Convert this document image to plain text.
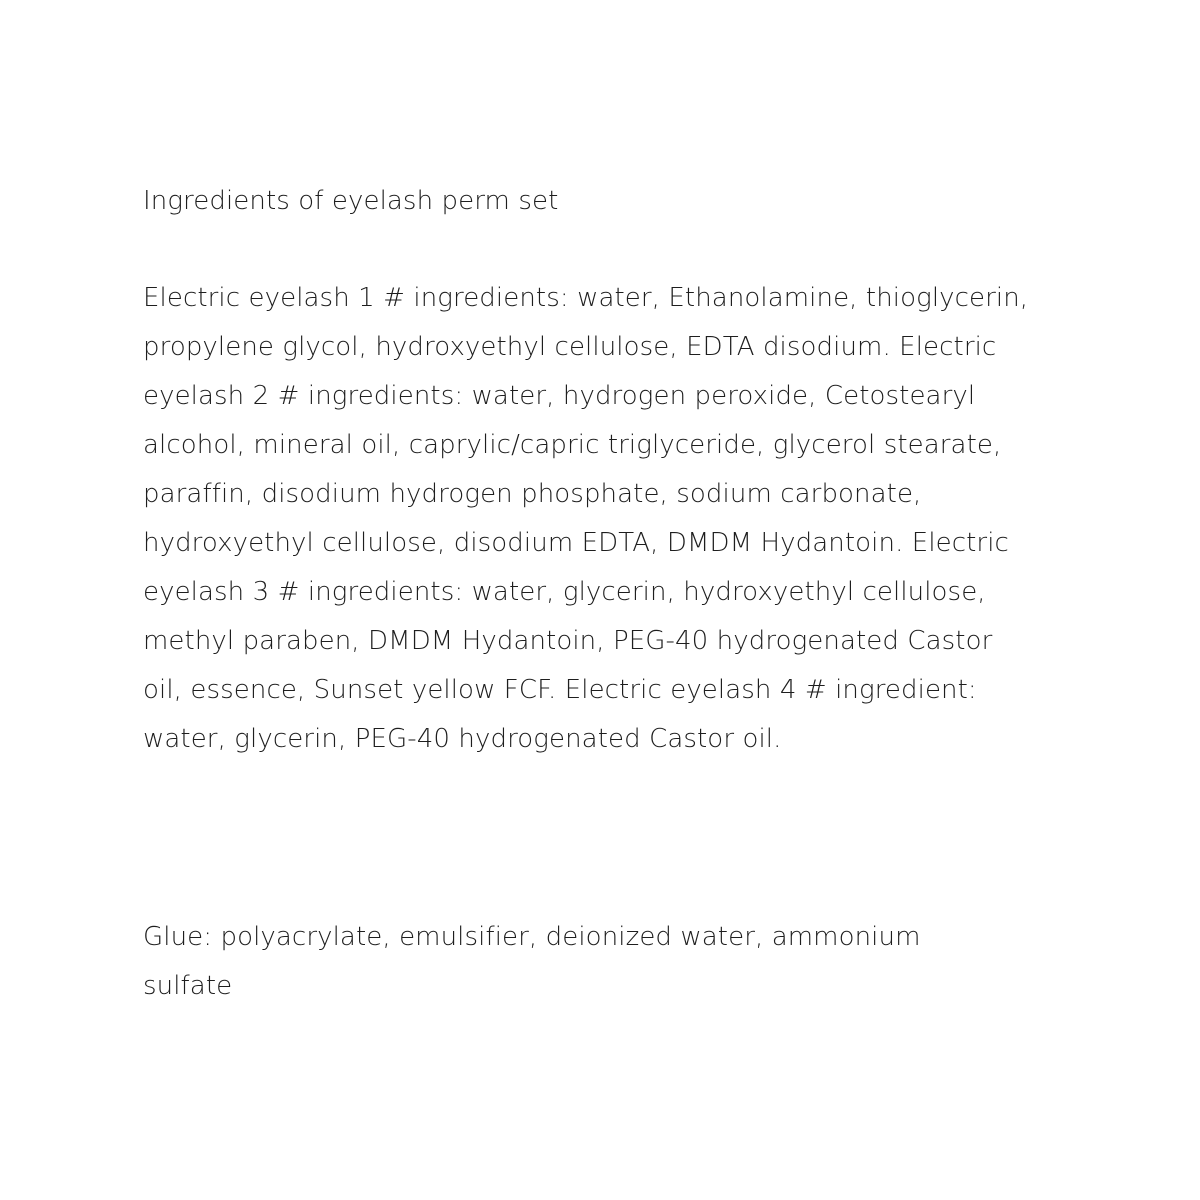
Ingredients of eyelash perm set

Electric eyelash 1 # ingredients: water, Ethanolamine, thioglycerin,
propylene glycol, hydroxyethyl cellulose, EDTA disodium. Electric
eyelash 2 # ingredients: water, hydrogen peroxide, Cetostearyl
alcohol, mineral oil, caprylic/capric triglyceride, glycerol stearate,
paraffin, disodium hydrogen phosphate, sodium carbonate,
hydroxyethyl cellulose, disodium EDTA, DMDM Hydantoin. Electric
eyelash 3 # ingredients: water, glycerin, hydroxyethyl cellulose,
methyl paraben, DMDM Hydantoin, PEG-40 hydrogenated Castor
oil, essence, Sunset yellow FCF. Electric eyelash 4 # ingredient:
water, glycerin, PEG-40 hydrogenated Castor oil.

Glue: polyacrylate, emulsifier, deionized water, ammonium
sulfate
